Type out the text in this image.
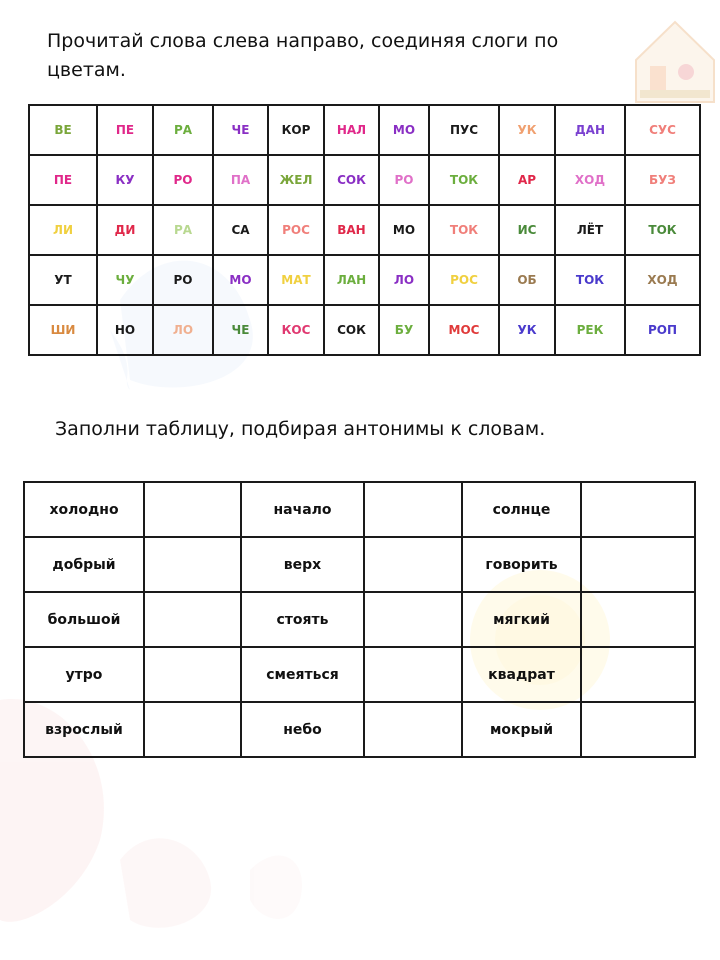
Прочитай слова слева направо, соединяя слоги по цветам.

ВЕ	ПЕ	РА	ЧЕ	КОР	НАЛ	МО	ПУС	УК	ДАН	СУС
ПЕ	КУ	РО	ПА	ЖЕЛ	СОК	РО	ТОК	АР	ХОД	БУЗ
ЛИ	ДИ	РА	СА	РОС	ВАН	МО	ТОК	ИС	ЛЁТ	ТОК
УТ	ЧУ	РО	МО	МАТ	ЛАН	ЛО	РОС	ОБ	ТОК	ХОД
ШИ	НО	ЛО	ЧЕ	КОС	СОК	БУ	МОС	УК	РЕК	РОП

Заполни таблицу, подбирая антонимы к словам.

холодно		начало		солнце	
добрый		верх		говорить	
большой		стоять		мягкий	
утро		смеяться		квадрат	
взрослый		небо		мокрый	
